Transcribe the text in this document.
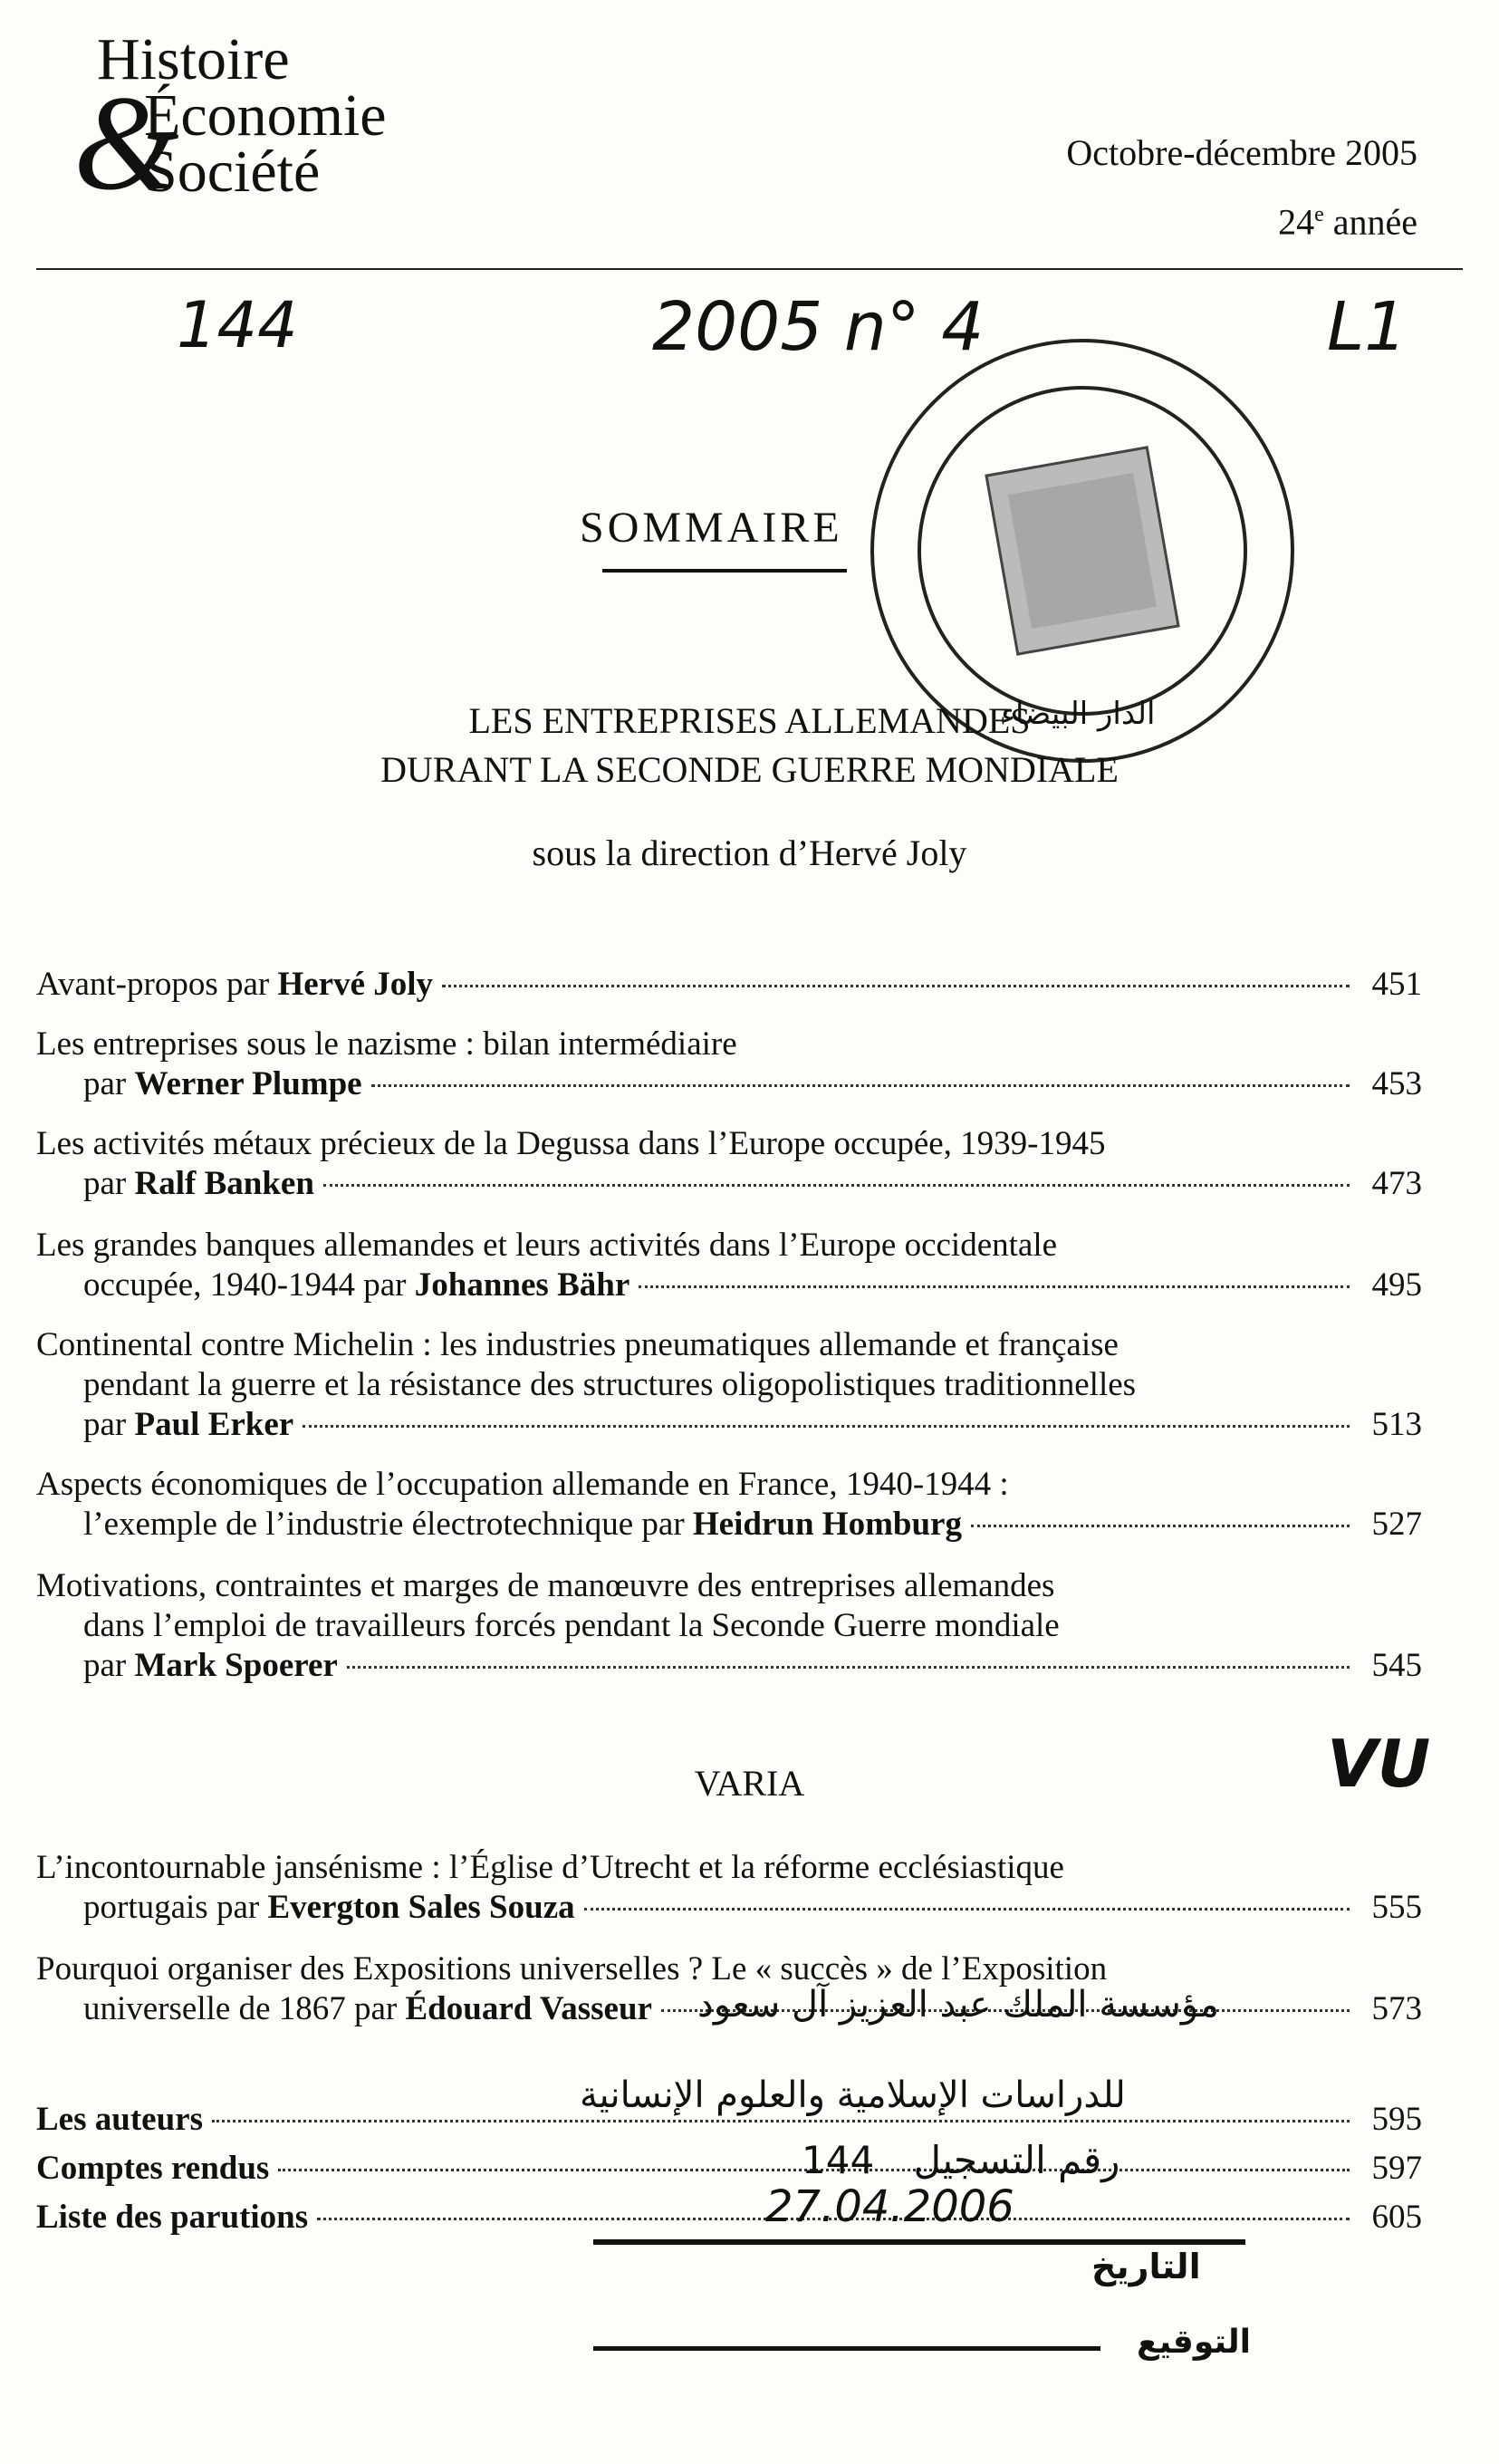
&
Histoire
Économie
Société	Octobre-décembre 2005
24e année
144	2005 n° 4	L1
VU
الدار البيضاء
SOMMAIRE
LES ENTREPRISES ALLEMANDES
DURANT LA SECONDE GUERRE MONDIALE
sous la direction d’Hervé Joly
Avant-propos par Hervé Joly	451
Les entreprises sous le nazisme : bilan intermédiaire
par Werner Plumpe	453
Les activités métaux précieux de la Degussa dans l’Europe occupée, 1939-1945
par Ralf Banken	473
Les grandes banques allemandes et leurs activités dans l’Europe occidentale
occupée, 1940-1944 par Johannes Bähr	495
Continental contre Michelin : les industries pneumatiques allemande et française
pendant la guerre et la résistance des structures oligopolistiques traditionnelles
par Paul Erker	513
Aspects économiques de l’occupation allemande en France, 1940-1944 :
l’exemple de l’industrie électrotechnique par Heidrun Homburg	527
Motivations, contraintes et marges de manœuvre des entreprises allemandes
dans l’emploi de travailleurs forcés pendant la Seconde Guerre mondiale
par Mark Spoerer	545
VARIA
L’incontournable jansénisme : l’Église d’Utrecht et la réforme ecclésiastique
portugais par Evergton Sales Souza	555
Pourquoi organiser des Expositions universelles ? Le « succès » de l’Exposition
universelle de 1867 par Édouard Vasseur	573
مؤسسة الملك عبد العزيز آل سعود
للدراسات الإسلامية والعلوم الإنسانية
Les auteurs	595
Comptes rendus	597
Liste des parutions	605
144 رقم التسجيل
27.04.2006
التاريخ
التوقيع
